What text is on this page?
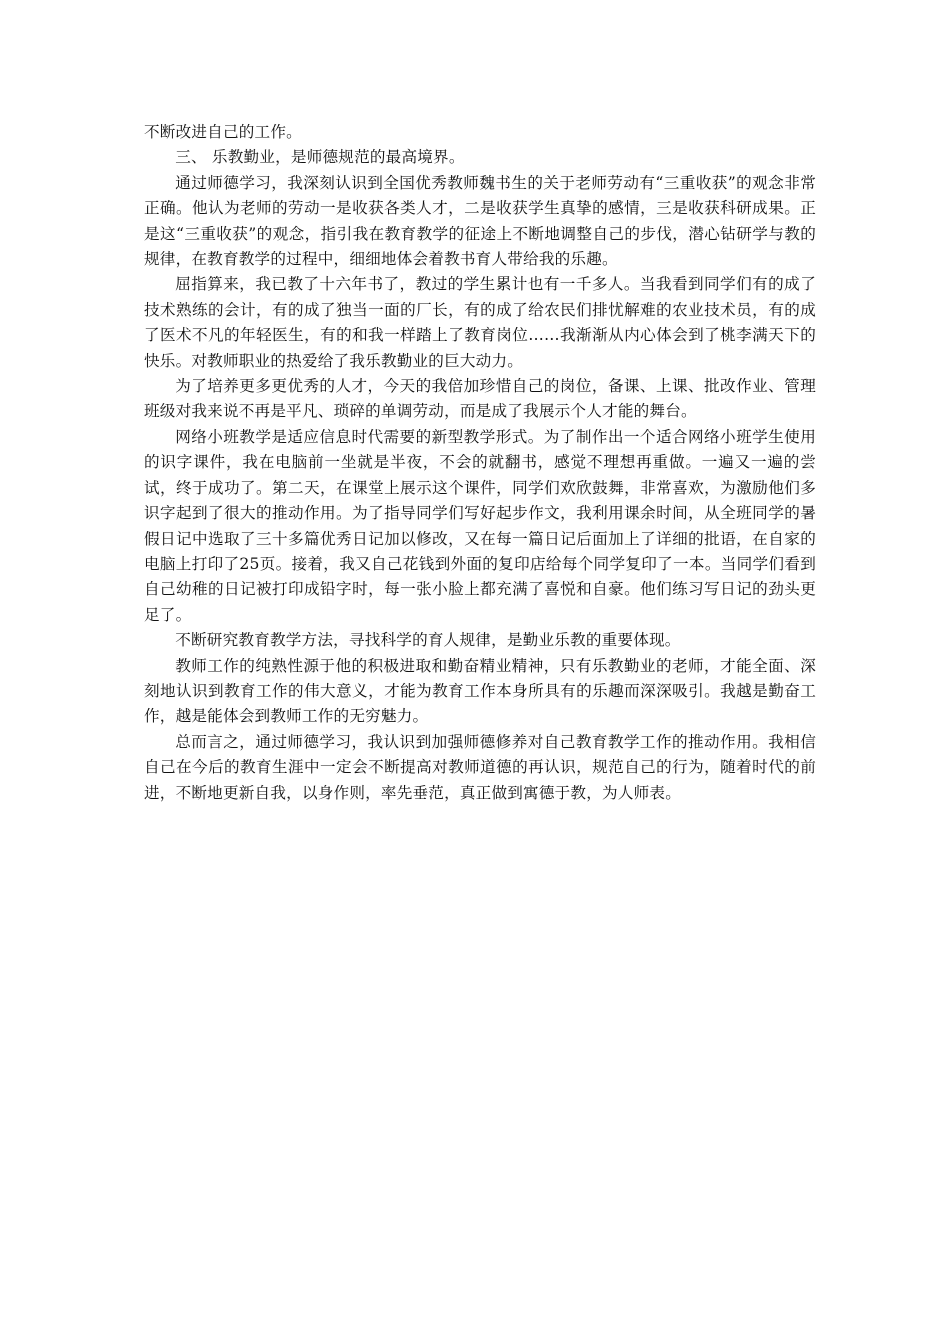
不断改进自己的工作。

三、 乐教勤业，是师德规范的最高境界。

通过师德学习，我深刻认识到全国优秀教师魏书生的关于老师劳动有“三重收获”的观念非常正确。他认为老师的劳动一是收获各类人才，二是收获学生真挚的感情，三是收获科研成果。正是这“三重收获”的观念，指引我在教育教学的征途上不断地调整自己的步伐，潜心钻研学与教的规律，在教育教学的过程中，细细地体会着教书育人带给我的乐趣。

屈指算来，我已教了十六年书了，教过的学生累计也有一千多人。当我看到同学们有的成了技术熟练的会计，有的成了独当一面的厂长，有的成了给农民们排忧解难的农业技术员，有的成了医术不凡的年轻医生，有的和我一样踏上了教育岗位……我渐渐从内心体会到了桃李满天下的快乐。对教师职业的热爱给了我乐教勤业的巨大动力。

为了培养更多更优秀的人才，今天的我倍加珍惜自己的岗位，备课、上课、批改作业、管理班级对我来说不再是平凡、琐碎的单调劳动，而是成了我展示个人才能的舞台。

网络小班教学是适应信息时代需要的新型教学形式。为了制作出一个适合网络小班学生使用的识字课件，我在电脑前一坐就是半夜，不会的就翻书，感觉不理想再重做。一遍又一遍的尝试，终于成功了。第二天，在课堂上展示这个课件，同学们欢欣鼓舞，非常喜欢，为激励他们多识字起到了很大的推动作用。为了指导同学们写好起步作文，我利用课余时间，从全班同学的暑假日记中选取了三十多篇优秀日记加以修改，又在每一篇日记后面加上了详细的批语，在自家的电脑上打印了25页。接着，我又自己花钱到外面的复印店给每个同学复印了一本。当同学们看到自己幼稚的日记被打印成铅字时，每一张小脸上都充满了喜悦和自豪。他们练习写日记的劲头更足了。

不断研究教育教学方法，寻找科学的育人规律，是勤业乐教的重要体现。

教师工作的纯熟性源于他的积极进取和勤奋精业精神，只有乐教勤业的老师，才能全面、深刻地认识到教育工作的伟大意义，才能为教育工作本身所具有的乐趣而深深吸引。我越是勤奋工作，越是能体会到教师工作的无穷魅力。

总而言之，通过师德学习，我认识到加强师德修养对自己教育教学工作的推动作用。我相信自己在今后的教育生涯中一定会不断提高对教师道德的再认识，规范自己的行为，随着时代的前进，不断地更新自我，以身作则，率先垂范，真正做到寓德于教，为人师表。
